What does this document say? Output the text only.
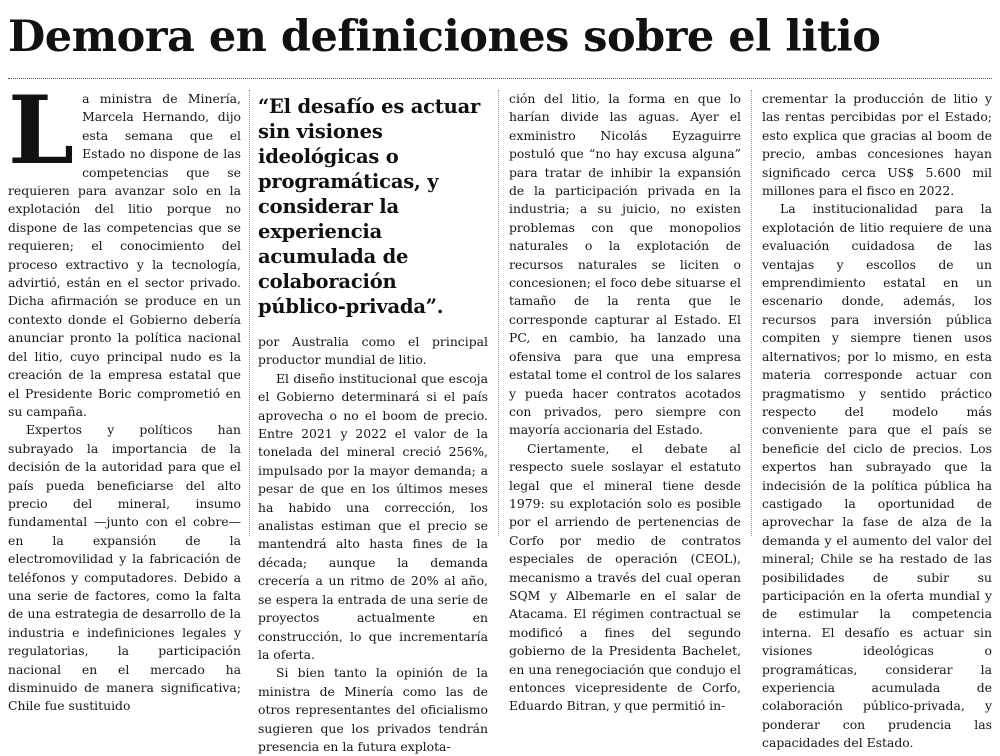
Demora en definiciones sobre el litio

La ministra de Minería, Marcela Hernando, dijo esta semana que el Estado no dispone de las competencias que se requieren para avanzar solo en la explotación del litio porque no dispone de las competencias que se requieren; el conocimiento del proceso extractivo y la tecnología, advirtió, están en el sector privado. Dicha afirmación se produce en un contexto donde el Gobierno debería anunciar pronto la política nacional del litio, cuyo principal nudo es la creación de la empresa estatal que el Presidente Boric comprometió en su campaña.

Expertos y políticos han subrayado la importancia de la decisión de la autoridad para que el país pueda beneficiarse del alto precio del mineral, insumo fundamental —junto con el cobre— en la expansión de la electromovilidad y la fabricación de teléfonos y computadores. Debido a una serie de factores, como la falta de una estrategia de desarrollo de la industria e indefiniciones legales y regulatorias, la participación nacional en el mercado ha disminuido de manera significativa; Chile fue sustituido

“El desafío es actuar sin visiones ideológicas o programáticas, y considerar la experiencia acumulada de colaboración público-privada”.

por Australia como el principal productor mundial de litio.

El diseño institucional que escoja el Gobierno determinará si el país aprovecha o no el boom de precio. Entre 2021 y 2022 el valor de la tonelada del mineral creció 256%, impulsado por la mayor demanda; a pesar de que en los últimos meses ha habido una corrección, los analistas estiman que el precio se mantendrá alto hasta fines de la década; aunque la demanda crecería a un ritmo de 20% al año, se espera la entrada de una serie de proyectos actualmente en construcción, lo que incrementaría la oferta.

Si bien tanto la opinión de la ministra de Minería como las de otros representantes del oficialismo sugieren que los privados tendrán presencia en la futura explota-

ción del litio, la forma en que lo harían divide las aguas. Ayer el exministro Nicolás Eyzaguirre postuló que “no hay excusa alguna” para tratar de inhibir la expansión de la participación privada en la industria; a su juicio, no existen problemas con que monopolios naturales o la explotación de recursos naturales se liciten o concesionen; el foco debe situarse el tamaño de la renta que le corresponde capturar al Estado. El PC, en cambio, ha lanzado una ofensiva para que una empresa estatal tome el control de los salares y pueda hacer contratos acotados con privados, pero siempre con mayoría accionaria del Estado.

Ciertamente, el debate al respecto suele soslayar el estatuto legal que el mineral tiene desde 1979: su explotación solo es posible por el arriendo de pertenencias de Corfo por medio de contratos especiales de operación (CEOL), mecanismo a través del cual operan SQM y Albemarle en el salar de Atacama. El régimen contractual se modificó a fines del segundo gobierno de la Presidenta Bachelet, en una renegociación que condujo el entonces vicepresidente de Corfo, Eduardo Bitran, y que permitió in-

crementar la producción de litio y las rentas percibidas por el Estado; esto explica que gracias al boom de precio, ambas concesiones hayan significado cerca US$ 5.600 mil millones para el fisco en 2022.

La institucionalidad para la explotación de litio requiere de una evaluación cuidadosa de las ventajas y escollos de un emprendimiento estatal en un escenario donde, además, los recursos para inversión pública compiten y siempre tienen usos alternativos; por lo mismo, en esta materia corresponde actuar con pragmatismo y sentido práctico respecto del modelo más conveniente para que el país se beneficie del ciclo de precios. Los expertos han subrayado que la indecisión de la política pública ha castigado la oportunidad de aprovechar la fase de alza de la demanda y el aumento del valor del mineral; Chile se ha restado de las posibilidades de subir su participación en la oferta mundial y de estimular la competencia interna. El desafío es actuar sin visiones ideológicas o programáticas, considerar la experiencia acumulada de colaboración público-privada, y ponderar con prudencia las capacidades del Estado.
